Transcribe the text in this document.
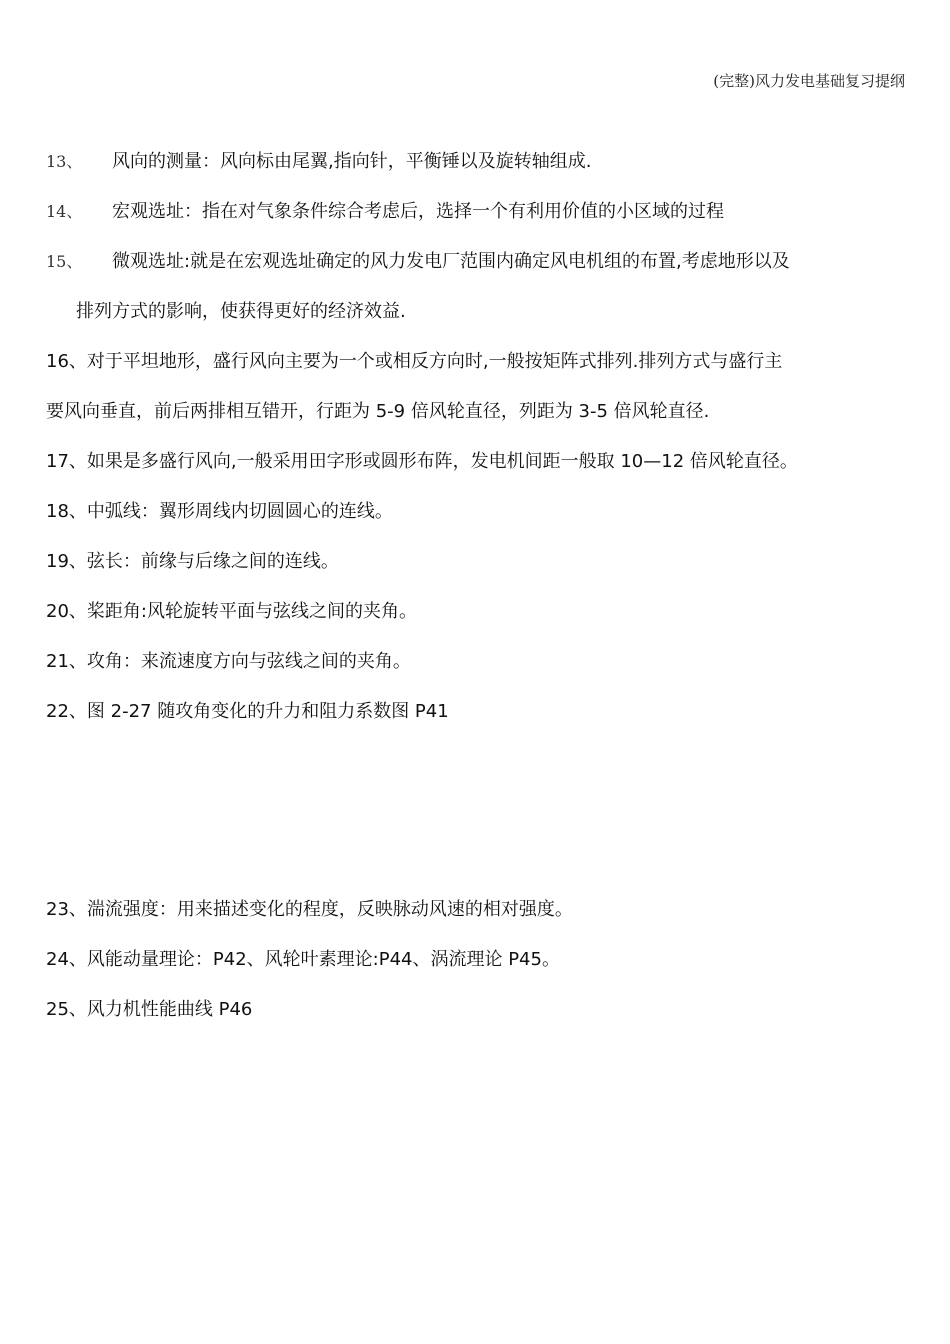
(完整)风力发电基础复习提纲
13、 风向的测量：风向标由尾翼,指向针，平衡锤以及旋转轴组成.
14、 宏观选址：指在对气象条件综合考虑后，选择一个有利用价值的小区域的过程
15、 微观选址:就是在宏观选址确定的风力发电厂范围内确定风电机组的布置,考虑地形以及
排列方式的影响，使获得更好的经济效益.
16、对于平坦地形，盛行风向主要为一个或相反方向时,一般按矩阵式排列.排列方式与盛行主
要风向垂直，前后两排相互错开，行距为 5-9 倍风轮直径，列距为 3-5 倍风轮直径.
17、如果是多盛行风向,一般采用田字形或圆形布阵，发电机间距一般取 10—12 倍风轮直径。
18、中弧线：翼形周线内切圆圆心的连线。
19、弦长：前缘与后缘之间的连线。
20、桨距角:风轮旋转平面与弦线之间的夹角。
21、攻角：来流速度方向与弦线之间的夹角。
22、图 2-27 随攻角变化的升力和阻力系数图 P41
23、湍流强度：用来描述变化的程度，反映脉动风速的相对强度。
24、风能动量理论：P42、风轮叶素理论:P44、涡流理论 P45。
25、风力机性能曲线 P46
